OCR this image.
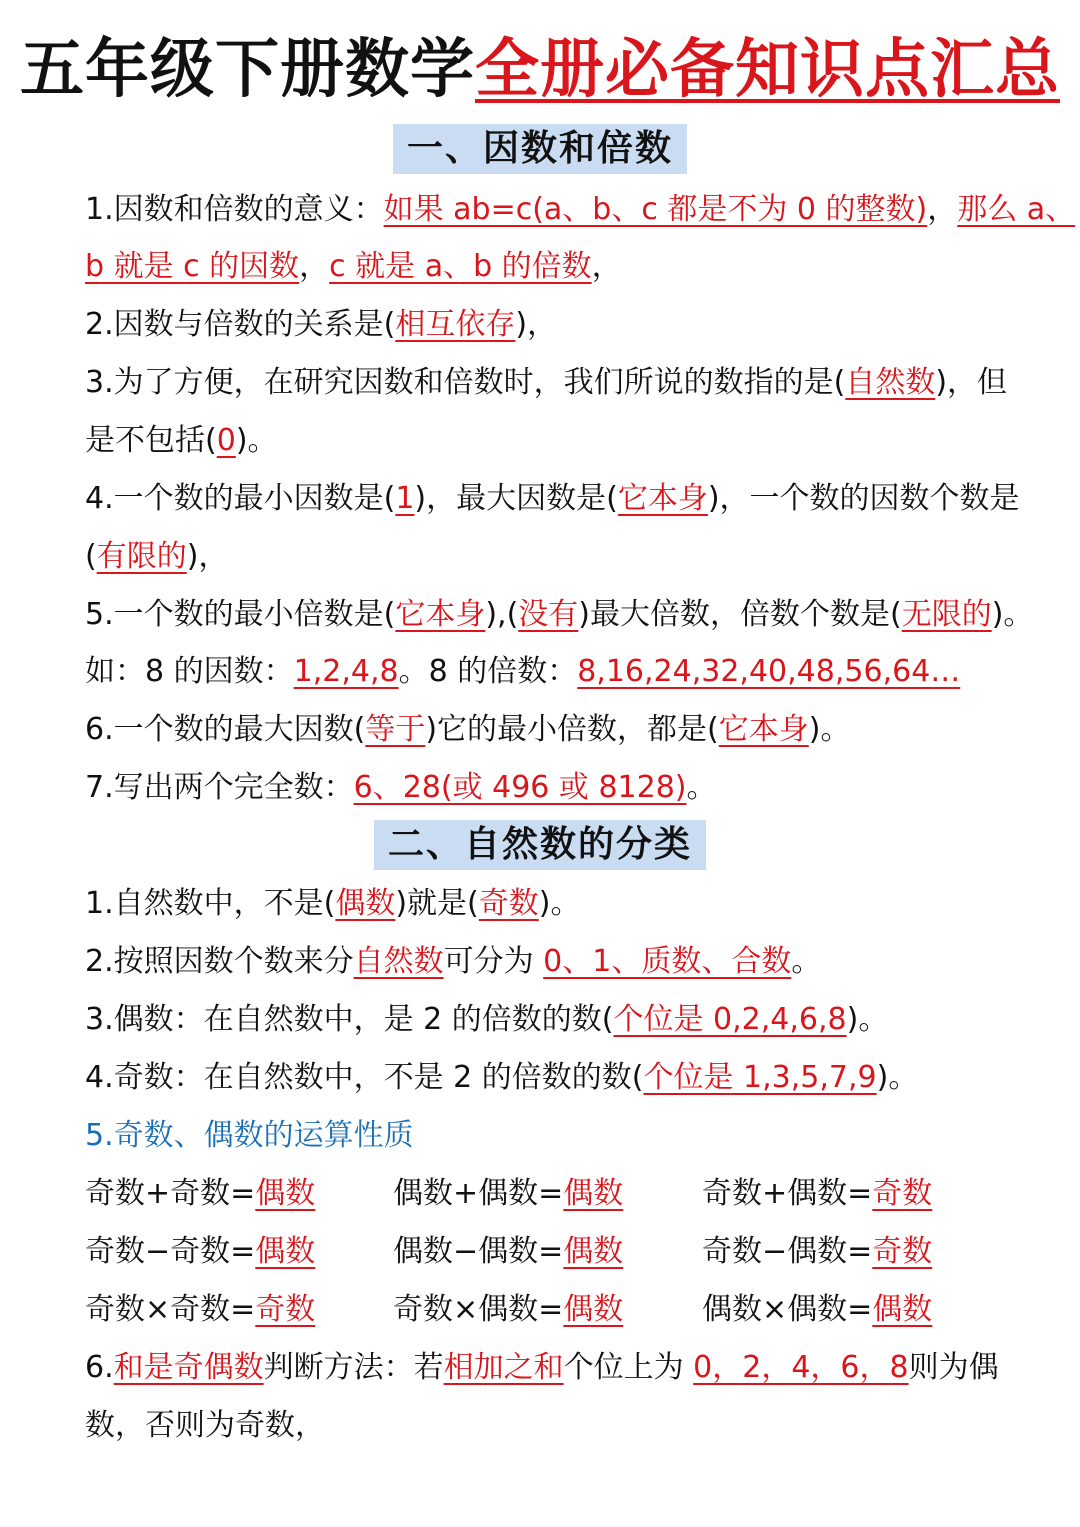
五年级下册数学全册必备知识点汇总
一、因数和倍数
1.因数和倍数的意义：如果 ab=c(a、b、c 都是不为 0 的整数)，那么 a、
b 就是 c 的因数，c 就是 a、b 的倍数，
2.因数与倍数的关系是(相互依存)，
3.为了方便，在研究因数和倍数时，我们所说的数指的是(自然数)，但
是不包括(0)。
4.一个数的最小因数是(1)，最大因数是(它本身)，一个数的因数个数是
(有限的)，
5.一个数的最小倍数是(它本身),(没有)最大倍数，倍数个数是(无限的)。
如：8 的因数：1,2,4,8。8 的倍数：8,16,24,32,40,48,56,64…
6.一个数的最大因数(等于)它的最小倍数，都是(它本身)。
7.写出两个完全数：6、28(或 496 或 8128)。
二、自然数的分类
1.自然数中，不是(偶数)就是(奇数)。
2.按照因数个数来分自然数可分为 0、1、质数、合数。
3.偶数：在自然数中，是 2 的倍数的数(个位是 0,2,4,6,8)。
4.奇数：在自然数中，不是 2 的倍数的数(个位是 1,3,5,7,9)。
5.奇数、偶数的运算性质
奇数+奇数=偶数	偶数+偶数=偶数	奇数+偶数=奇数
奇数−奇数=偶数	偶数−偶数=偶数	奇数−偶数=奇数
奇数×奇数=奇数	奇数×偶数=偶数	偶数×偶数=偶数
6.和是奇偶数判断方法：若相加之和个位上为 0，2，4，6，8则为偶
数，否则为奇数，
